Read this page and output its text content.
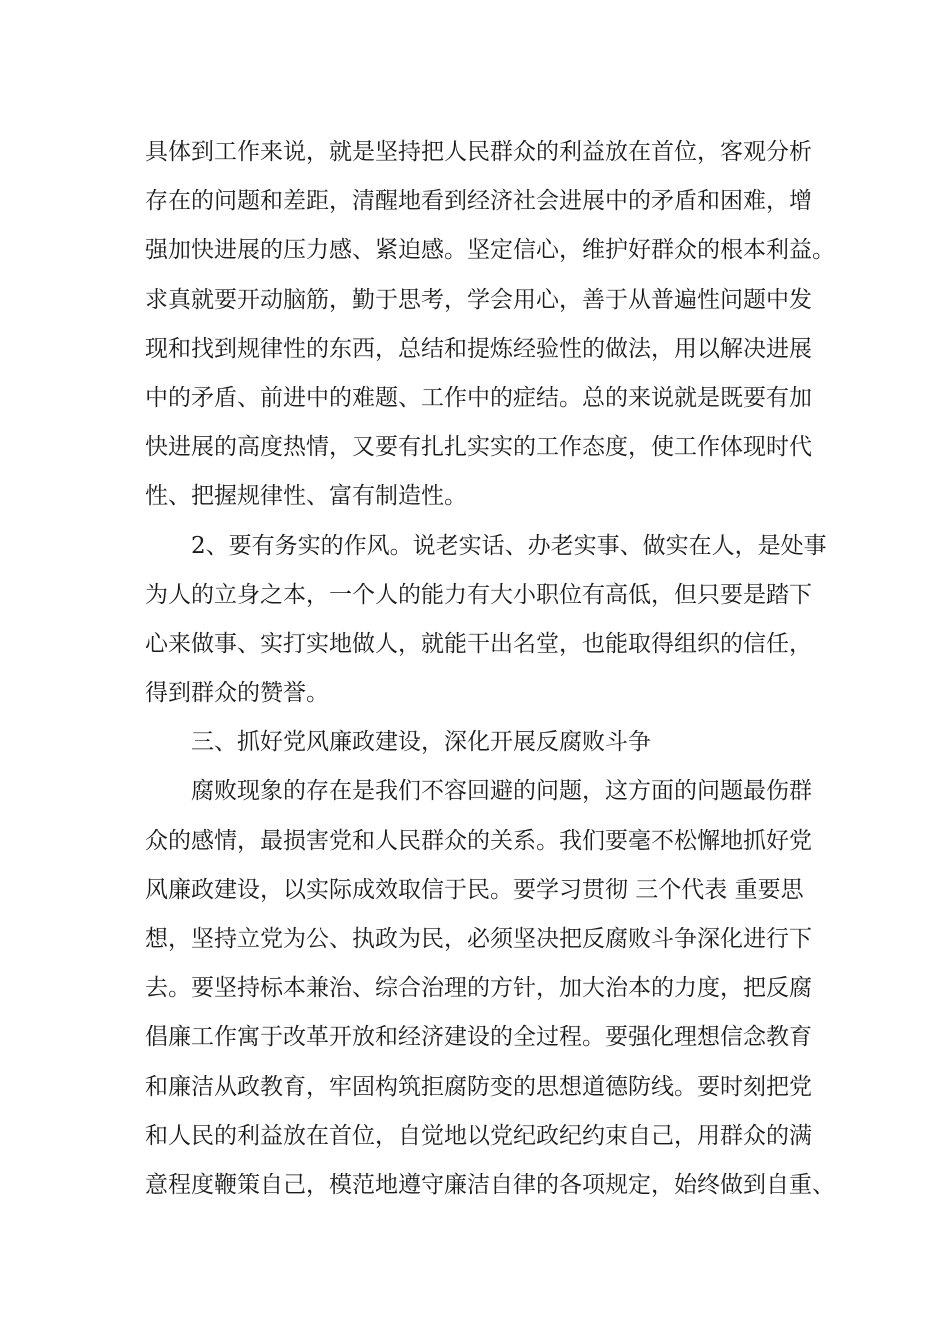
具体到工作来说，就是坚持把人民群众的利益放在首位，客观分析
存在的问题和差距，清醒地看到经济社会进展中的矛盾和困难，增
强加快进展的压力感、紧迫感。坚定信心，维护好群众的根本利益。
求真就要开动脑筋，勤于思考，学会用心，善于从普遍性问题中发
现和找到规律性的东西，总结和提炼经验性的做法，用以解决进展
中的矛盾、前进中的难题、工作中的症结。总的来说就是既要有加
快进展的高度热情，又要有扎扎实实的工作态度，使工作体现时代
性、把握规律性、富有制造性。
2、要有务实的作风。说老实话、办老实事、做实在人，是处事
为人的立身之本，一个人的能力有大小职位有高低，但只要是踏下
心来做事、实打实地做人，就能干出名堂，也能取得组织的信任，
得到群众的赞誉。
三、抓好党风廉政建设，深化开展反腐败斗争
腐败现象的存在是我们不容回避的问题，这方面的问题最伤群
众的感情，最损害党和人民群众的关系。我们要毫不松懈地抓好党
风廉政建设，以实际成效取信于民。要学习贯彻 三个代表 重要思
想，坚持立党为公、执政为民，必须坚决把反腐败斗争深化进行下
去。要坚持标本兼治、综合治理的方针，加大治本的力度，把反腐
倡廉工作寓于改革开放和经济建设的全过程。要强化理想信念教育
和廉洁从政教育，牢固构筑拒腐防变的思想道德防线。要时刻把党
和人民的利益放在首位，自觉地以党纪政纪约束自己，用群众的满
意程度鞭策自己，模范地遵守廉洁自律的各项规定，始终做到自重、
